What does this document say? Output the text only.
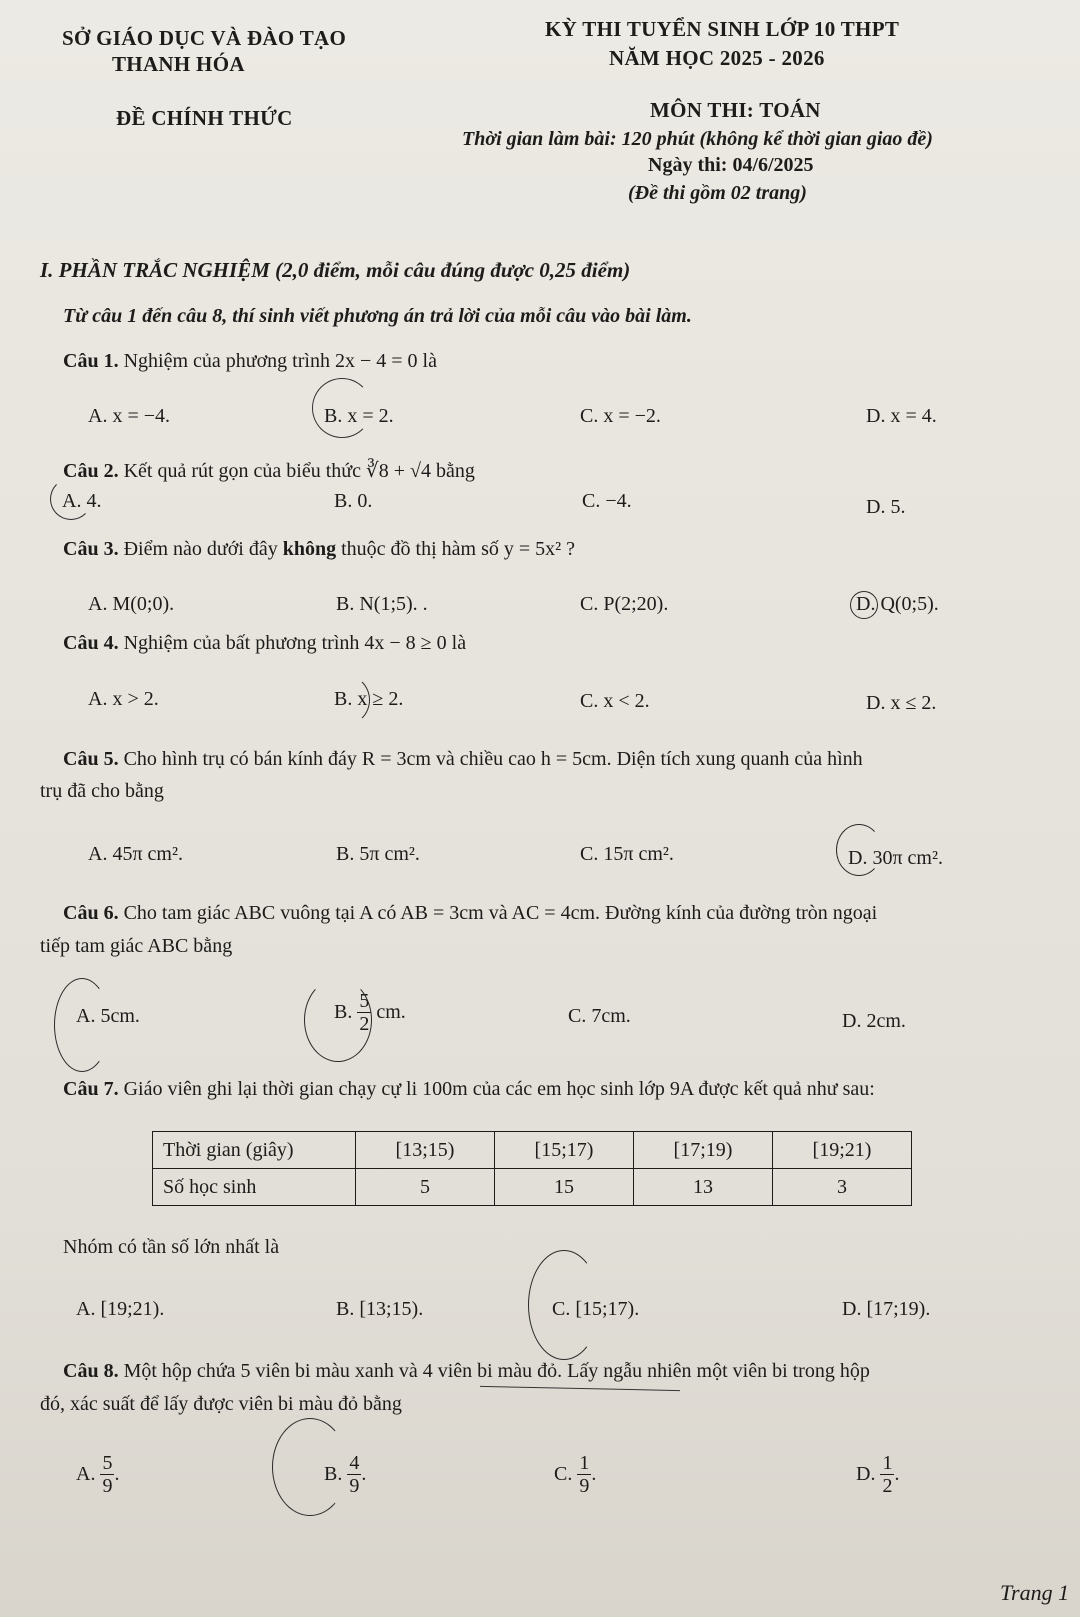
SỞ GIÁO DỤC VÀ ĐÀO TẠO
THANH HÓA
ĐỀ CHÍNH THỨC
KỲ THI TUYỂN SINH LỚP 10 THPT
NĂM HỌC 2025 - 2026
MÔN THI: TOÁN
Thời gian làm bài: 120 phút (không kể thời gian giao đề)
Ngày thi: 04/6/2025
(Đề thi gồm 02 trang)
I. PHẦN TRẮC NGHIỆM (2,0 điểm, mỗi câu đúng được 0,25 điểm)
Từ câu 1 đến câu 8, thí sinh viết phương án trả lời của mỗi câu vào bài làm.
Câu 1. Nghiệm của phương trình 2x − 4 = 0 là
A. x = −4.	B. x = 2.	C. x = −2.	D. x = 4.
Câu 2. Kết quả rút gọn của biểu thức ∛8 + √4 bằng
A. 4.	B. 0.	C. −4.	D. 5.
Câu 3. Điểm nào dưới đây không thuộc đồ thị hàm số y = 5x² ?
A. M(0;0).	B. N(1;5). .	C. P(2;20).	D. Q(0;5).
Câu 4. Nghiệm của bất phương trình 4x − 8 ≥ 0 là
A. x > 2.	B. x ≥ 2.	C. x < 2.	D. x ≤ 2.
Câu 5. Cho hình trụ có bán kính đáy R = 3cm và chiều cao h = 5cm. Diện tích xung quanh của hình
trụ đã cho bằng
A. 45π cm².	B. 5π cm².	C. 15π cm².	D. 30π cm².
Câu 6. Cho tam giác ABC vuông tại A có AB = 3cm và AC = 4cm. Đường kính của đường tròn ngoại
tiếp tam giác ABC bằng
A. 5cm.	B. $\frac{5}{2}$ cm.	C. 7cm.	D. 2cm.
Câu 7. Giáo viên ghi lại thời gian chạy cự li 100m của các em học sinh lớp 9A được kết quả như sau:
Thời gian (giây)	[13;15)	[15;17)	[17;19)	[19;21)
Số học sinh	5	15	13	3
Nhóm có tần số lớn nhất là
A. [19;21).	B. [13;15).	C. [15;17).	D. [17;19).
Câu 8. Một hộp chứa 5 viên bi màu xanh và 4 viên bi màu đỏ. Lấy ngẫu nhiên một viên bi trong hộp
đó, xác suất để lấy được viên bi màu đỏ bằng
A. $\frac{5}{9}$ .	B. $\frac{4}{9}$ .	C. $\frac{1}{9}$ .	D. $\frac{1}{2}$ .
Trang 1
